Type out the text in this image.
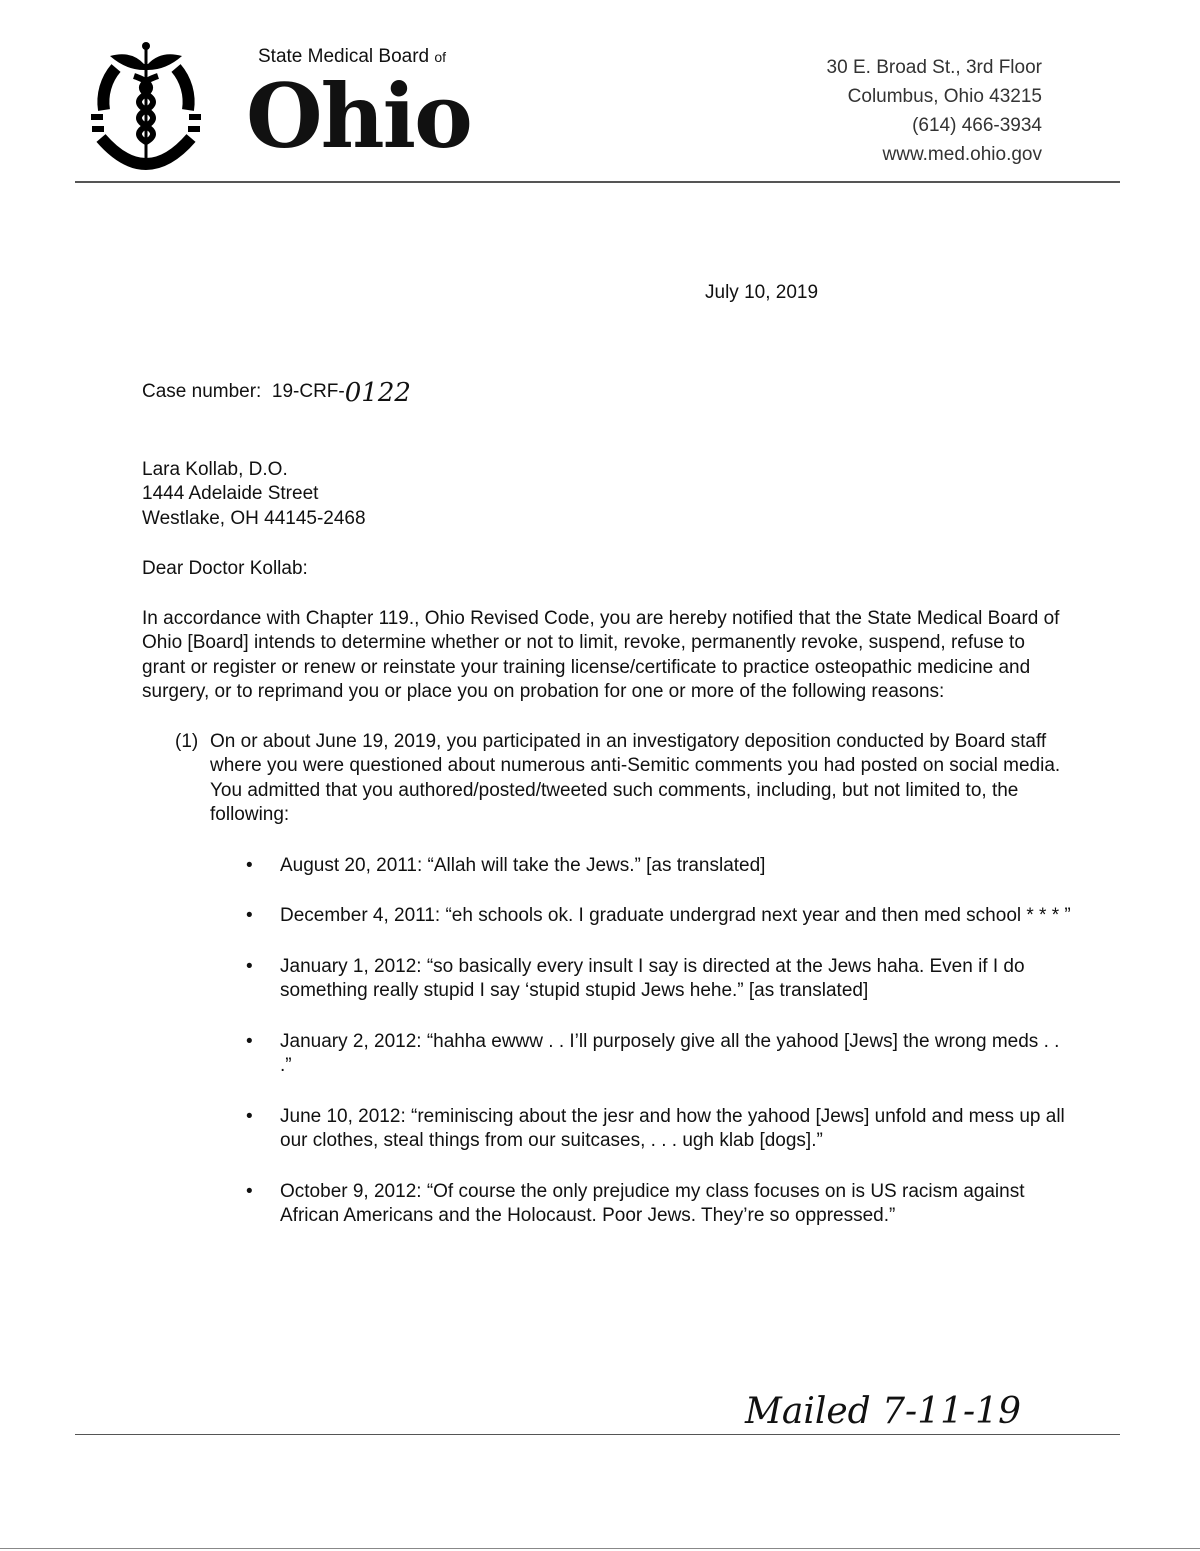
State Medical Board of
Ohio	30 E. Broad St., 3rd Floor
Columbus, Ohio 43215
(614) 466-3934
www.med.ohio.gov
July 10, 2019
Case number: 19-CRF-0122
Lara Kollab, D.O.
1444 Adelaide Street
Westlake, OH 44145-2468
Dear Doctor Kollab:
In accordance with Chapter 119., Ohio Revised Code, you are hereby notified that the State Medical Board of Ohio [Board] intends to determine whether or not to limit, revoke, permanently revoke, suspend, refuse to grant or register or renew or reinstate your training license/certificate to practice osteopathic medicine and surgery, or to reprimand you or place you on probation for one or more of the following reasons:
(1) On or about June 19, 2019, you participated in an investigatory deposition conducted by Board staff where you were questioned about numerous anti-Semitic comments you had posted on social media. You admitted that you authored/posted/tweeted such comments, including, but not limited to, the following:
• August 20, 2011: “Allah will take the Jews.” [as translated]
• December 4, 2011: “eh schools ok. I graduate undergrad next year and then med school * * * ”
• January 1, 2012: “so basically every insult I say is directed at the Jews haha. Even if I do something really stupid I say ‘stupid stupid Jews hehe.” [as translated]
• January 2, 2012: “hahha ewww . . I’ll purposely give all the yahood [Jews] the wrong meds . . .”
• June 10, 2012: “reminiscing about the jesr and how the yahood [Jews] unfold and mess up all our clothes, steal things from our suitcases, . . . ugh klab [dogs].”
• October 9, 2012: “Of course the only prejudice my class focuses on is US racism against African Americans and the Holocaust. Poor Jews. They’re so oppressed.”
Mailed 7-11-19
